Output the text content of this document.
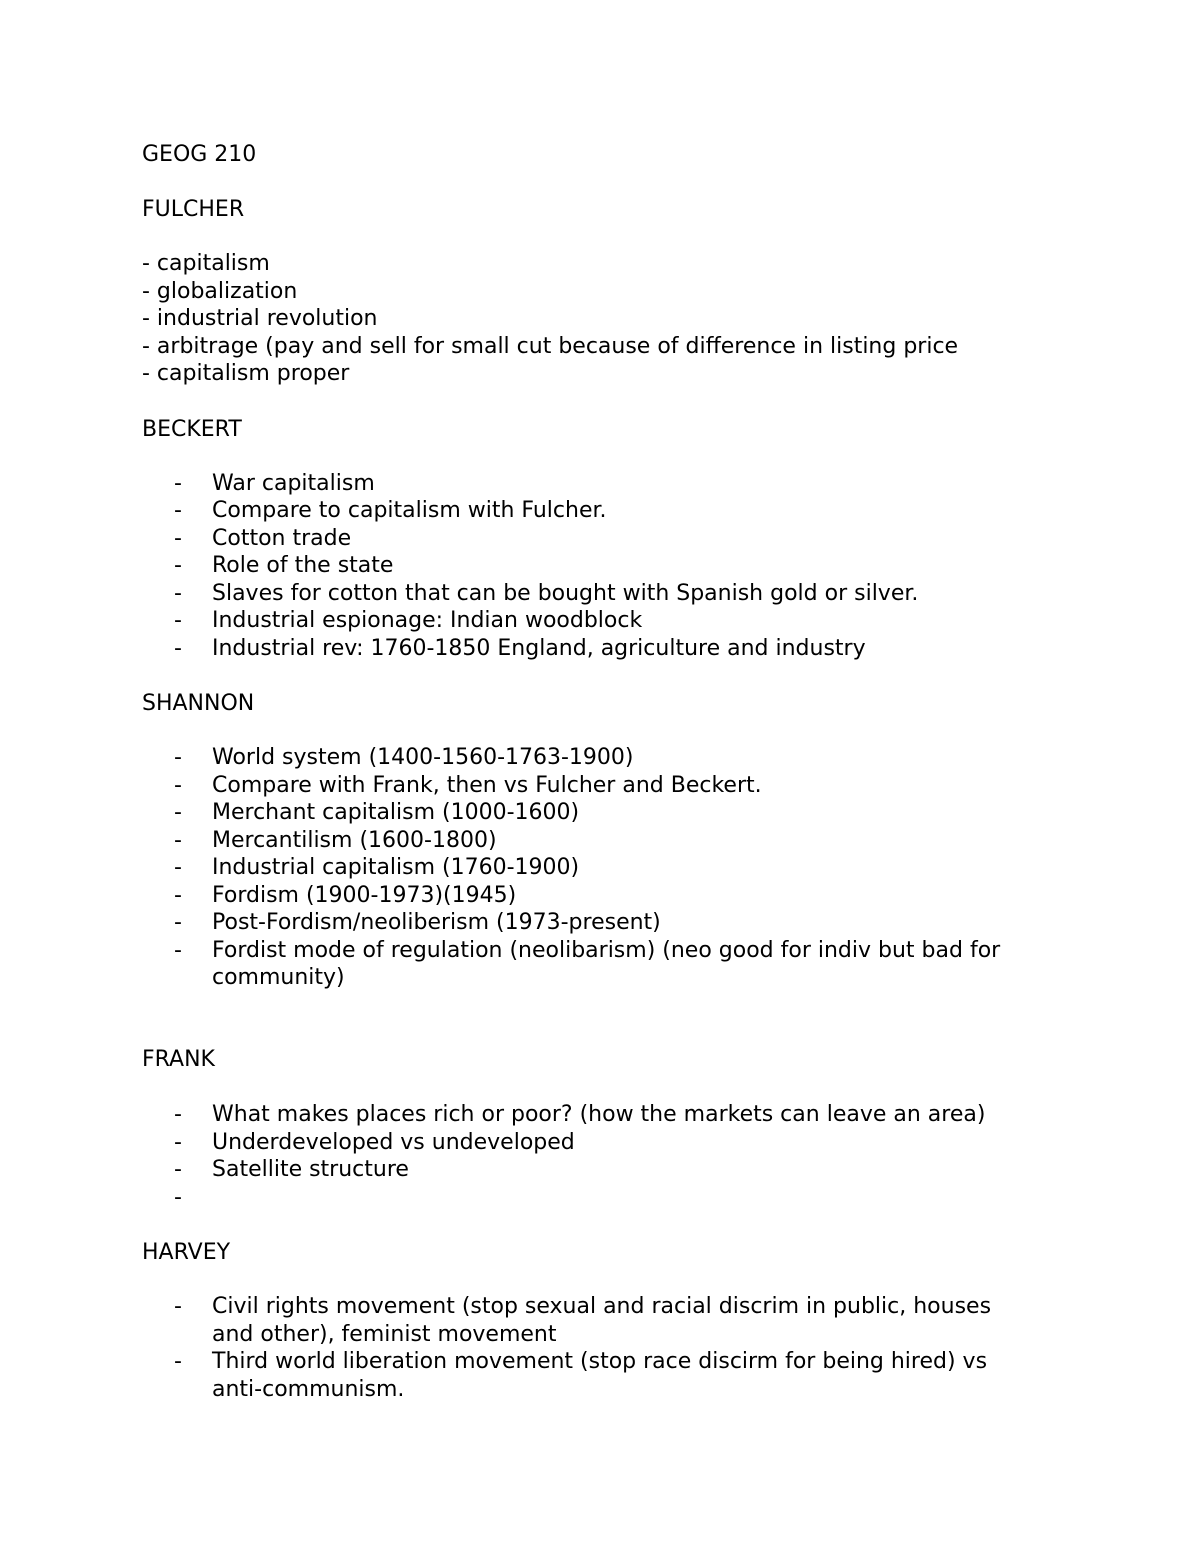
GEOG 210
FULCHER
- capitalism
- globalization
- industrial revolution
- arbitrage (pay and sell for small cut because of difference in listing price
- capitalism proper
BECKERT
- War capitalism
- Compare to capitalism with Fulcher.
- Cotton trade
- Role of the state
- Slaves for cotton that can be bought with Spanish gold or silver.
- Industrial espionage: Indian woodblock
- Industrial rev: 1760-1850 England, agriculture and industry
SHANNON
- World system (1400-1560-1763-1900)
- Compare with Frank, then vs Fulcher and Beckert.
- Merchant capitalism (1000-1600)
- Mercantilism (1600-1800)
- Industrial capitalism (1760-1900)
- Fordism (1900-1973)(1945)
- Post-Fordism/neoliberism (1973-present)
- Fordist mode of regulation (neolibarism) (neo good for indiv but bad for
community)
FRANK
- What makes places rich or poor? (how the markets can leave an area)
- Underdeveloped vs undeveloped
- Satellite structure
-
HARVEY
- Civil rights movement (stop sexual and racial discrim in public, houses
and other), feminist movement
- Third world liberation movement (stop race discirm for being hired) vs
anti-communism.
